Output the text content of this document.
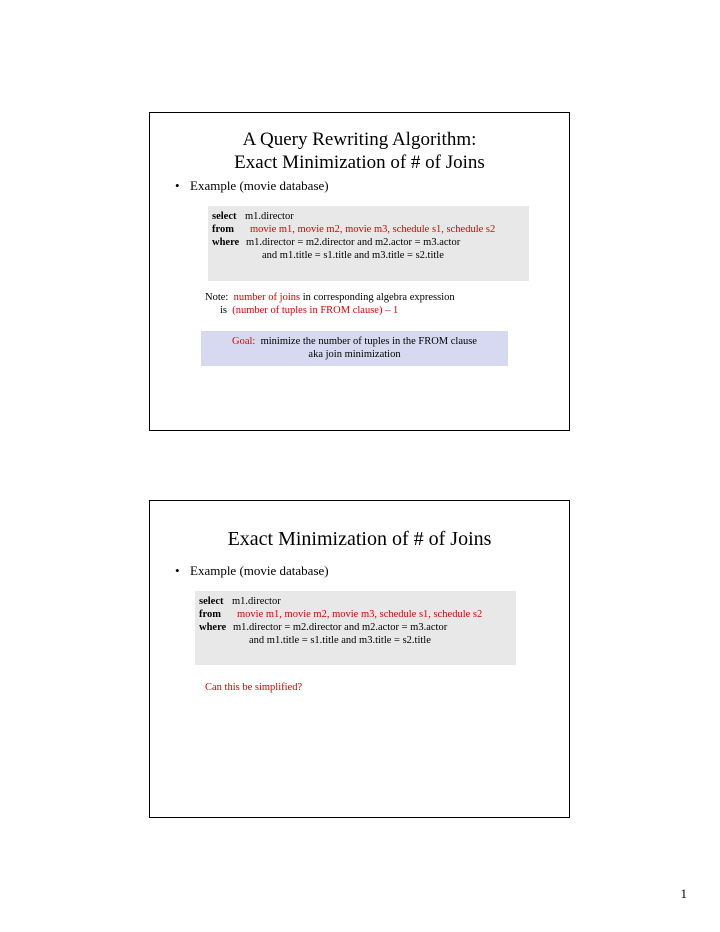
A Query Rewriting Algorithm:
Exact Minimization of # of Joins
• Example (movie database)
select m1.director
from movie m1, movie m2, movie m3, schedule s1, schedule s2
where m1.director = m2.director and m2.actor = m3.actor
and m1.title = s1.title and m3.title = s2.title
Note: number of joins in corresponding algebra expression
is (number of tuples in FROM clause) – 1
Goal: minimize the number of tuples in the FROM clause
aka join minimization
Exact Minimization of # of Joins
• Example (movie database)
select m1.director
from movie m1, movie m2, movie m3, schedule s1, schedule s2
where m1.director = m2.director and m2.actor = m3.actor
and m1.title = s1.title and m3.title = s2.title
Can this be simplified?
1
